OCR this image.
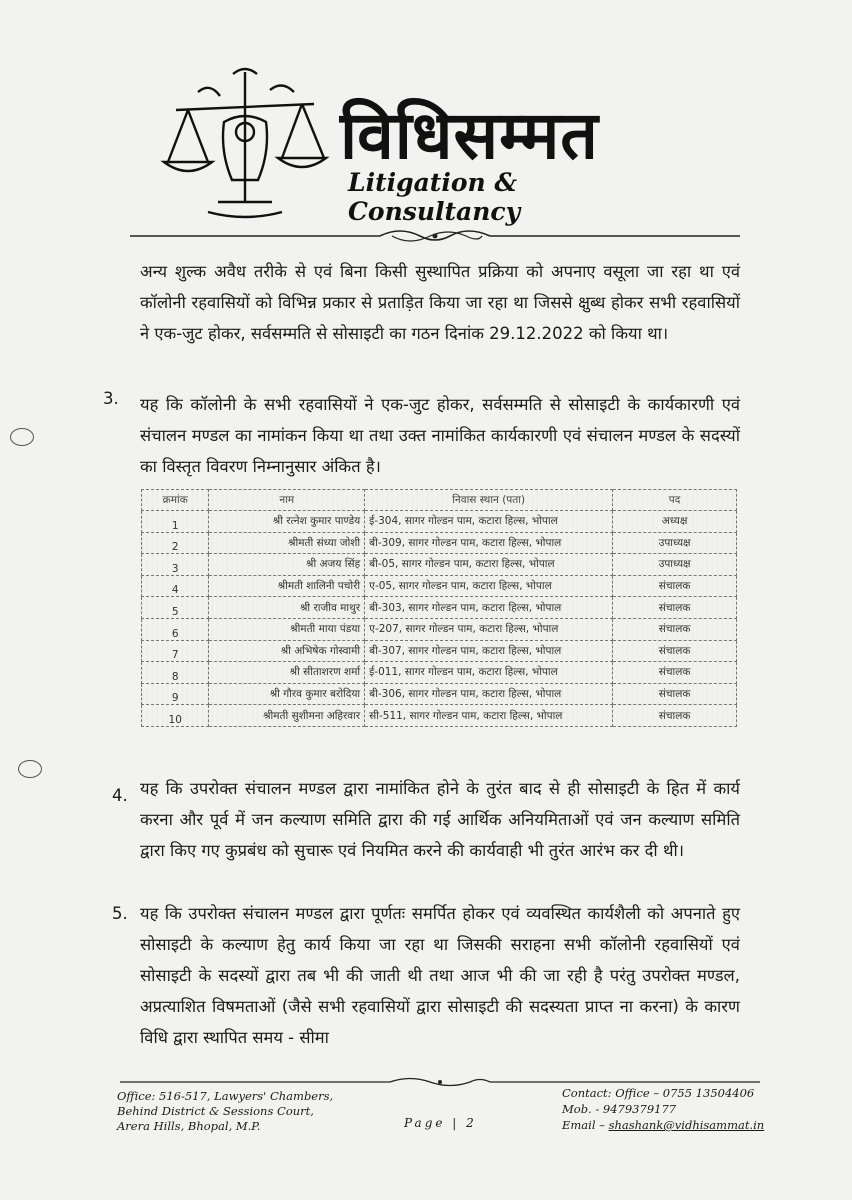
विधिसम्मत
Litigation & Consultancy
अन्य शुल्क अवैध तरीके से एवं बिना किसी सुस्थापित प्रक्रिया को अपनाए वसूला जा रहा था एवं कॉलोनी रहवासियों को विभिन्न प्रकार से प्रताड़ित किया जा रहा था जिससे क्षुब्ध होकर सभी रहवासियों ने एक-जुट होकर, सर्वसम्मति से सोसाइटी का गठन दिनांक 29.12.2022 को किया था।
3. यह कि कॉलोनी के सभी रहवासियों ने एक-जुट होकर, सर्वसम्मति से सोसाइटी के कार्यकारणी एवं संचालन मण्डल का नामांकन किया था तथा उक्त नामांकित कार्यकारणी एवं संचालन मण्डल के सदस्यों का विस्तृत विवरण निम्नानुसार अंकित है।
क्रमांक	नाम	निवास स्थान (पता)	पद
1	श्री रत्नेश कुमार पाण्डेय	ई-304, सागर गोल्डन पाम, कटारा हिल्स, भोपाल	अध्यक्ष
2	श्रीमती संध्या जोशी	बी-309, सागर गोल्डन पाम, कटारा हिल्स, भोपाल	उपाध्यक्ष
3	श्री अजय सिंह	बी-05, सागर गोल्डन पाम, कटारा हिल्स, भोपाल	उपाध्यक्ष
4	श्रीमती शालिनी पचोरी	ए-05, सागर गोल्डन पाम, कटारा हिल्स, भोपाल	संचालक
5	श्री राजीव माथुर	बी-303, सागर गोल्डन पाम, कटारा हिल्स, भोपाल	संचालक
6	श्रीमती माया पंडया	ए-207, सागर गोल्डन पाम, कटारा हिल्स, भोपाल	संचालक
7	श्री अभिषेक गोस्वामी	बी-307, सागर गोल्डन पाम, कटारा हिल्स, भोपाल	संचालक
8	श्री सीताशरण शर्मा	ई-011, सागर गोल्डन पाम, कटारा हिल्स, भोपाल	संचालक
9	श्री गौरव कुमार बरोदिया	बी-306, सागर गोल्डन पाम, कटारा हिल्स, भोपाल	संचालक
10	श्रीमती सुशीमना अहिरवार	सी-511, सागर गोल्डन पाम, कटारा हिल्स, भोपाल	संचालक
4. यह कि उपरोक्त संचालन मण्डल द्वारा नामांकित होने के तुरंत बाद से ही सोसाइटी के हित में कार्य करना और पूर्व में जन कल्याण समिति द्वारा की गई आर्थिक अनियमिताओं एवं जन कल्याण समिति द्वारा किए गए कुप्रबंध को सुचारू एवं नियमित करने की कार्यवाही भी तुरंत आरंभ कर दी थी।
5. यह कि उपरोक्त संचालन मण्डल द्वारा पूर्णतः समर्पित होकर एवं व्यवस्थित कार्यशैली को अपनाते हुए सोसाइटी के कल्याण हेतु कार्य किया जा रहा था जिसकी सराहना सभी कॉलोनी रहवासियों एवं सोसाइटी के सदस्यों द्वारा तब भी की जाती थी तथा आज भी की जा रही है परंतु उपरोक्त मण्डल, अप्रत्याशित विषमताओं (जैसे सभी रहवासियों द्वारा सोसाइटी की सदस्यता प्राप्त ना करना) के कारण विधि द्वारा स्थापित समय - सीमा
Office: 516-517, Lawyers' Chambers,
Behind District & Sessions Court,
Arera Hills, Bhopal, M.P.	Page | 2
Contact: Office – 0755 13504406
Mob. - 9479379177
Email – shashank@vidhisammat.in
